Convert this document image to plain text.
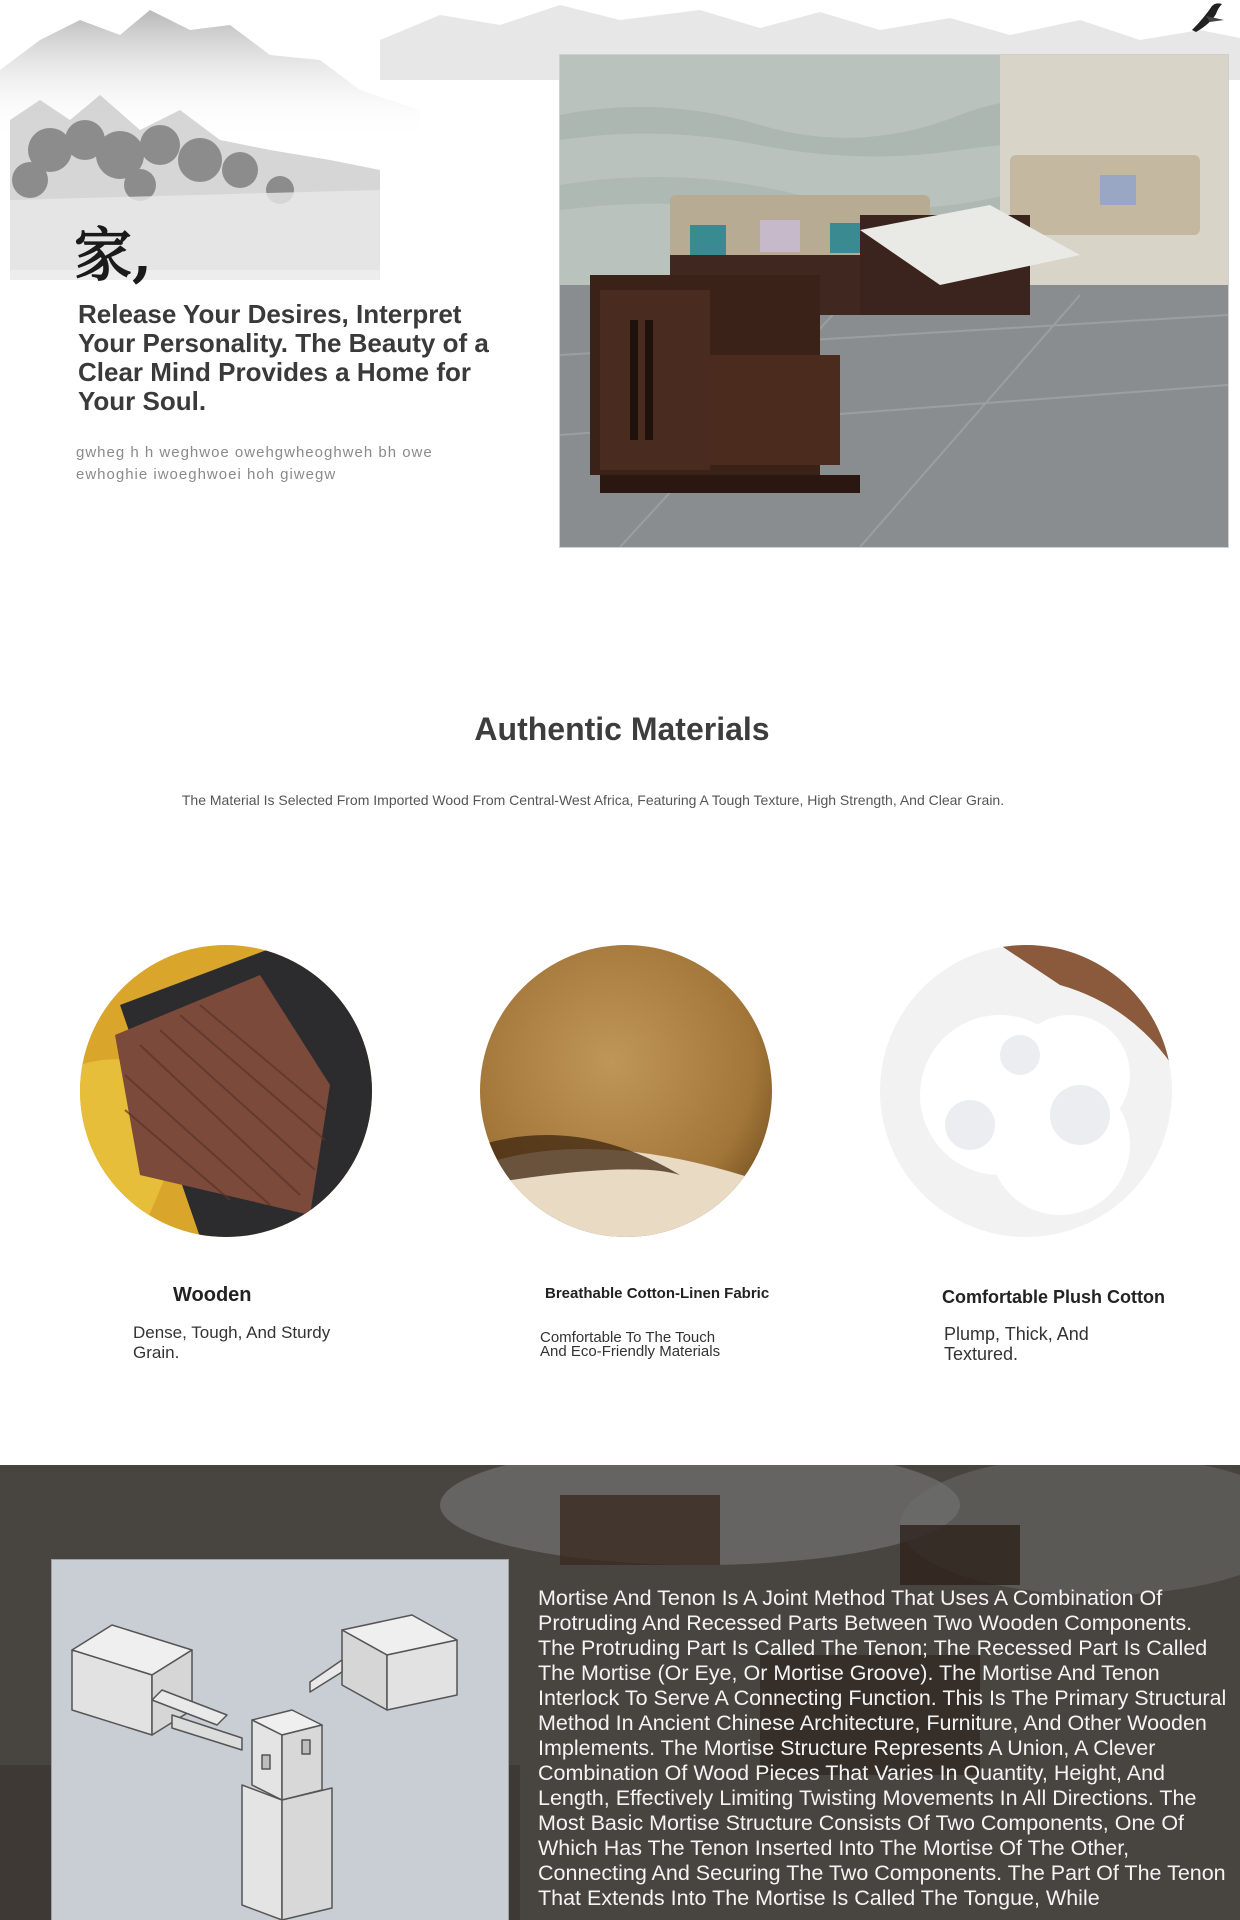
家,
Release Your Desires, Interpret Your Personality. The Beauty of a Clear Mind Provides a Home for Your Soul.
gwheg h h weghwoe owehgwheoghweh bh owe ewhoghie iwoeghwoei hoh giwegw
Authentic Materials

The Material Is Selected From Imported Wood From Central-West Africa, Featuring A Tough Texture, High Strength, And Clear Grain.

Wooden
Dense, Tough, And Sturdy Grain.
Breathable Cotton-Linen Fabric
Comfortable To The Touch And Eco-Friendly Materials
Comfortable Plush Cotton
Plump, Thick, And Textured.
Mortise And Tenon Is A Joint Method That Uses A Combination Of Protruding And Recessed Parts Between Two Wooden Components. The Protruding Part Is Called The Tenon; The Recessed Part Is Called The Mortise (Or Eye, Or Mortise Groove). The Mortise And Tenon Interlock To Serve A Connecting Function. This Is The Primary Structural Method In Ancient Chinese Architecture, Furniture, And Other Wooden Implements. The Mortise Structure Represents A Union, A Clever Combination Of Wood Pieces That Varies In Quantity, Height, And Length, Effectively Limiting Twisting Movements In All Directions. The Most Basic Mortise Structure Consists Of Two Components, One Of Which Has The Tenon Inserted Into The Mortise Of The Other, Connecting And Securing The Two Components. The Part Of The Tenon That Extends Into The Mortise Is Called The Tongue, While
